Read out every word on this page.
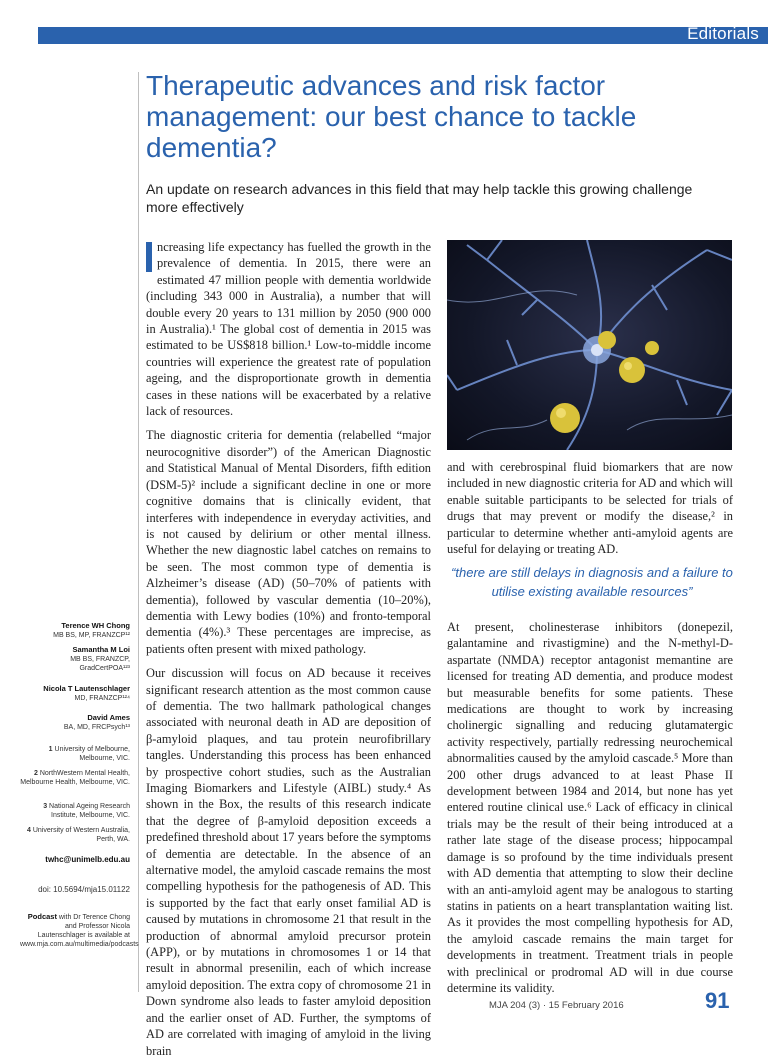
Editorials
Therapeutic advances and risk factor management: our best chance to tackle dementia?

An update on research advances in this field that may help tackle this growing challenge more effectively

ncreasing life expectancy has fuelled the growth in the prevalence of dementia. In 2015, there were an estimated 47 million people with dementia worldwide (including 343 000 in Australia), a number that will double every 20 years to 131 million by 2050 (900 000 in Australia).¹ The global cost of dementia in 2015 was estimated to be US$818 billion.¹ Low-to-middle income countries will experience the greatest rate of population ageing, and the disproportionate growth in dementia cases in these nations will be exacerbated by a relative lack of resources.

The diagnostic criteria for dementia (relabelled “major neurocognitive disorder”) of the American Diagnostic and Statistical Manual of Mental Disorders, fifth edition (DSM-5)² include a significant decline in one or more cognitive domains that is clinically evident, that interferes with independence in everyday activities, and is not caused by delirium or other mental illness. Whether the new diagnostic label catches on remains to be seen. The most common type of dementia is Alzheimer’s disease (AD) (50–70% of patients with dementia), followed by vascular dementia (10–20%), dementia with Lewy bodies (10%) and fronto-temporal dementia (4%).³ These percentages are imprecise, as patients often present with mixed pathology.

Our discussion will focus on AD because it receives significant research attention as the most common cause of dementia. The two hallmark pathological changes associated with neuronal death in AD are deposition of β-amyloid plaques, and tau protein neurofibrillary tangles. Understanding this process has been enhanced by prospective cohort studies, such as the Australian Imaging Biomarkers and Lifestyle (AIBL) study.⁴ As shown in the Box, the results of this research indicate that the degree of β-amyloid deposition exceeds a predefined threshold about 17 years before the symptoms of dementia are detectable. In the absence of an alternative model, the amyloid cascade remains the most compelling hypothesis for the pathogenesis of AD. This is supported by the fact that early onset familial AD is caused by mutations in chromosome 21 that result in the production of abnormal amyloid precursor protein (APP), or by mutations in chromosomes 1 or 14 that result in abnormal presenilin, each of which increase amyloid deposition. The extra copy of chromosome 21 in Down syndrome also leads to faster amyloid deposition and the earlier onset of AD. Further, the symptoms of AD are correlated with imaging of amyloid in the living brain

and with cerebrospinal fluid biomarkers that are now included in new diagnostic criteria for AD and which will enable suitable participants to be selected for trials of drugs that may prevent or modify the disease,² in particular to determine whether anti-amyloid agents are useful for delaying or treating AD.

“there are still delays in diagnosis and a failure to utilise existing available resources”

At present, cholinesterase inhibitors (donepezil, galantamine and rivastigmine) and the N-methyl-D-aspartate (NMDA) receptor antagonist memantine are licensed for treating AD dementia, and produce modest but measurable benefits for some patients. These medications are thought to work by increasing cholinergic signalling and reducing glutamatergic activity respectively, partially redressing neurochemical abnormalities caused by the amyloid cascade.⁵ More than 200 other drugs advanced to at least Phase II development between 1984 and 2014, but none has yet entered routine clinical use.⁶ Lack of efficacy in clinical trials may be the result of their being introduced at a rather late stage of the disease process; hippocampal damage is so profound by the time individuals present with AD dementia that attempting to slow their decline with an anti-amyloid agent may be analogous to starting statins in patients on a heart transplantation waiting list. As it provides the most compelling hypothesis for AD, the amyloid cascade remains the main target for developments in treatment. Treatment trials in people with preclinical or prodromal AD will in due course determine its validity.

Terence WH Chong
MB BS, MP, FRANZCP¹²
Samantha M Loi
MB BS, FRANZCP, GradCertPOA¹²³
Nicola T Lautenschlager
MD, FRANZCP¹²⁴
David Ames
BA, MD, FRCPsych¹³
1 University of Melbourne, Melbourne, VIC.
2 NorthWestern Mental Health, Melbourne Health, Melbourne, VIC.
3 National Ageing Research Institute, Melbourne, VIC.
4 University of Western Australia, Perth, WA.
twhc@unimelb.edu.au
doi: 10.5694/mja15.01122
Podcast with Dr Terence Chong and Professor Nicola Lautenschlager is available at www.mja.com.au/multimedia/podcasts
MJA 204 (3) · 15 February 2016	91
